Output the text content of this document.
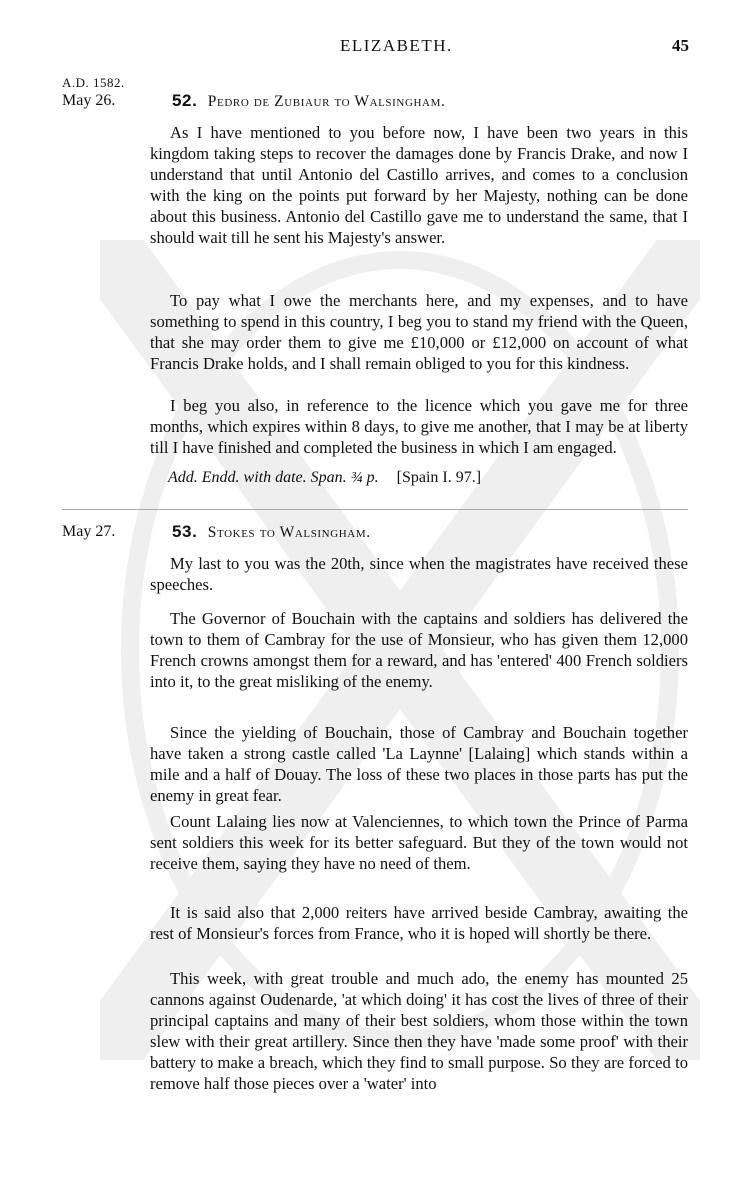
ELIZABETH.	45
A.D. 1582.
May 26.	52. Pedro de Zubiaur to Walsingham.

As I have mentioned to you before now, I have been two years in this kingdom taking steps to recover the damages done by Francis Drake, and now I understand that until Antonio del Castillo arrives, and comes to a conclusion with the king on the points put forward by her Majesty, nothing can be done about this business. Antonio del Castillo gave me to understand the same, that I should wait till he sent his Majesty's answer.

To pay what I owe the merchants here, and my expenses, and to have something to spend in this country, I beg you to stand my friend with the Queen, that she may order them to give me £10,000 or £12,000 on account of what Francis Drake holds, and I shall remain obliged to you for this kindness.

I beg you also, in reference to the licence which you gave me for three months, which expires within 8 days, to give me another, that I may be at liberty till I have finished and completed the business in which I am engaged.

Add. Endd. with date. Span. ¾ p. [Spain I. 97.]
May 27.	53. Stokes to Walsingham.

My last to you was the 20th, since when the magistrates have received these speeches.

The Governor of Bouchain with the captains and soldiers has delivered the town to them of Cambray for the use of Monsieur, who has given them 12,000 French crowns amongst them for a reward, and has 'entered' 400 French soldiers into it, to the great misliking of the enemy.

Since the yielding of Bouchain, those of Cambray and Bouchain together have taken a strong castle called 'La Laynne' [Lalaing] which stands within a mile and a half of Douay. The loss of these two places in those parts has put the enemy in great fear.

Count Lalaing lies now at Valenciennes, to which town the Prince of Parma sent soldiers this week for its better safeguard. But they of the town would not receive them, saying they have no need of them.

It is said also that 2,000 reiters have arrived beside Cambray, awaiting the rest of Monsieur's forces from France, who it is hoped will shortly be there.

This week, with great trouble and much ado, the enemy has mounted 25 cannons against Oudenarde, 'at which doing' it has cost the lives of three of their principal captains and many of their best soldiers, whom those within the town slew with their great artillery. Since then they have 'made some proof' with their battery to make a breach, which they find to small purpose. So they are forced to remove half those pieces over a 'water' into
